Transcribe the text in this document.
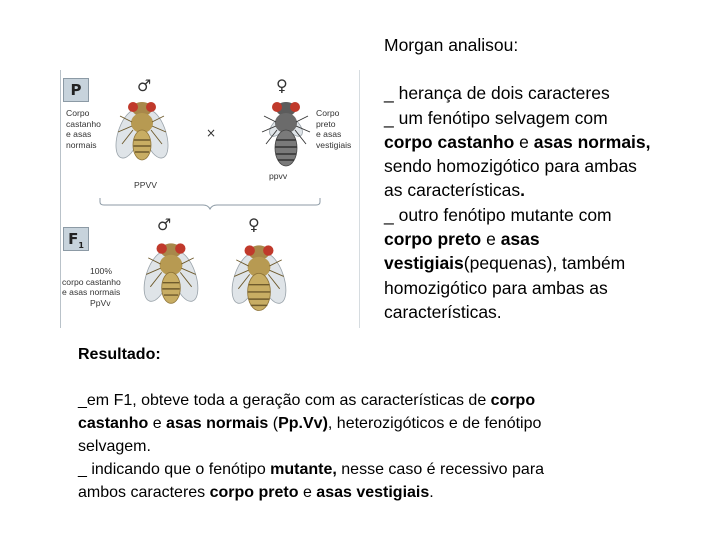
Morgan analisou:

_ herança de dois caracteres

_ um fenótipo selvagem com

corpo castanho e asas normais,

sendo homozigótico para ambas

as características.

_ outro fenótipo mutante com

corpo preto e asas

vestigiais(pequenas), também

homozigótico para ambas as

características.

P
$F_1$
♂	♀
♂	♀
Corpo
castanho
e asas
normais
PPVV
Corpo
preto
e asas
vestigiais
ppvv
×
100%
corpo castanho
e asas normais
PpVv

Resultado:

_em F1, obteve toda a geração com as características de corpo

castanho e asas normais (Pp.Vv), heterozigóticos e de fenótipo

selvagem.

_ indicando que o fenótipo mutante, nesse caso é recessivo para

ambos caracteres corpo preto e asas vestigiais.
